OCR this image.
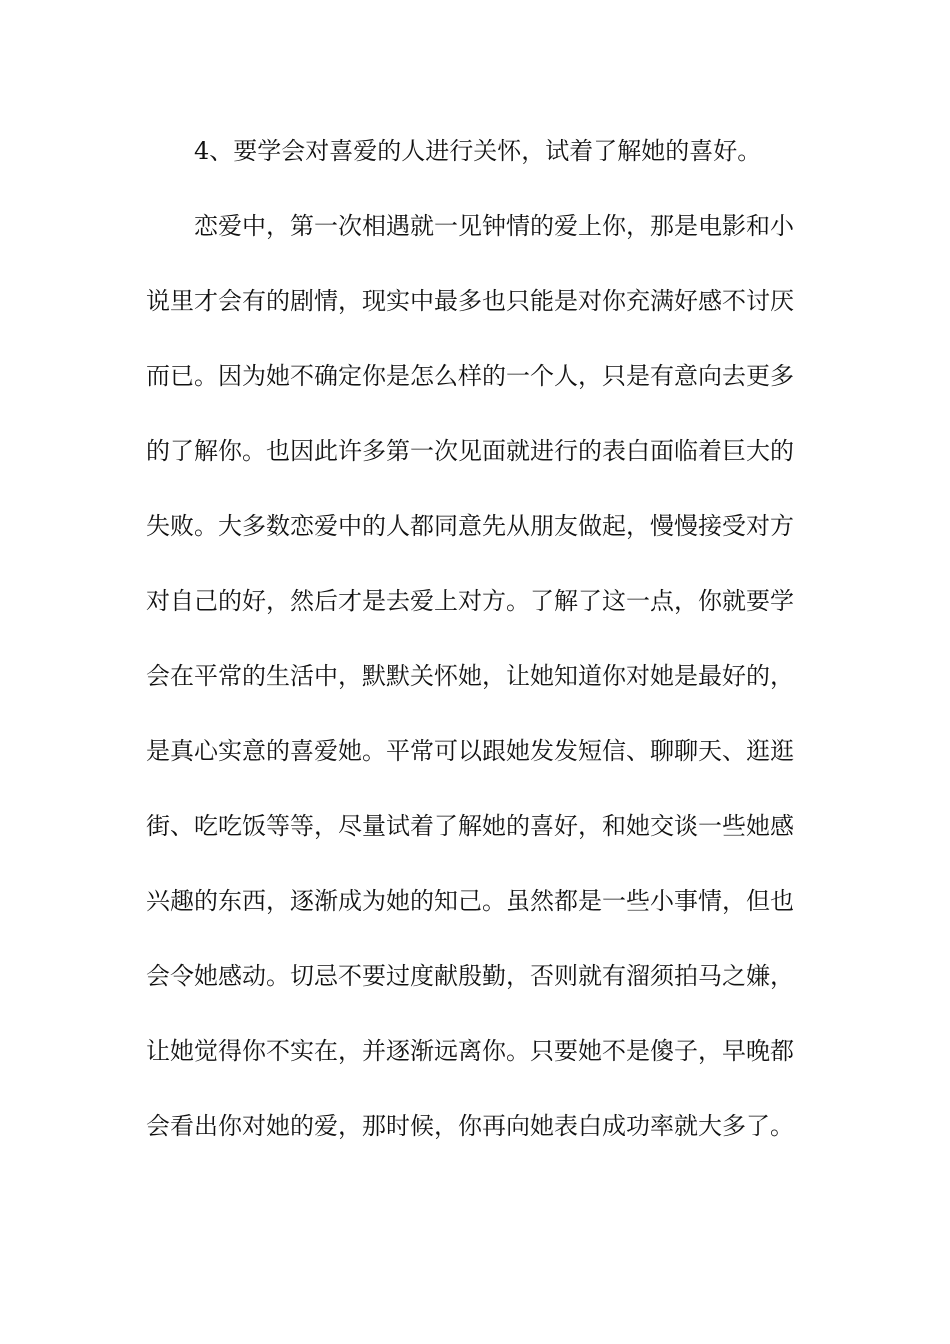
4、要学会对喜爱的人进行关怀，试着了解她的喜好。
恋爱中，第一次相遇就一见钟情的爱上你，那是电影和小
说里才会有的剧情，现实中最多也只能是对你充满好感不讨厌
而已。因为她不确定你是怎么样的一个人，只是有意向去更多
的了解你。也因此许多第一次见面就进行的表白面临着巨大的
失败。大多数恋爱中的人都同意先从朋友做起，慢慢接受对方
对自己的好，然后才是去爱上对方。了解了这一点，你就要学
会在平常的生活中，默默关怀她，让她知道你对她是最好的，
是真心实意的喜爱她。平常可以跟她发发短信、聊聊天、逛逛
街、吃吃饭等等，尽量试着了解她的喜好，和她交谈一些她感
兴趣的东西，逐渐成为她的知己。虽然都是一些小事情，但也
会令她感动。切忌不要过度献殷勤，否则就有溜须拍马之嫌，
让她觉得你不实在，并逐渐远离你。只要她不是傻子，早晚都
会看出你对她的爱，那时候，你再向她表白成功率就大多了。
